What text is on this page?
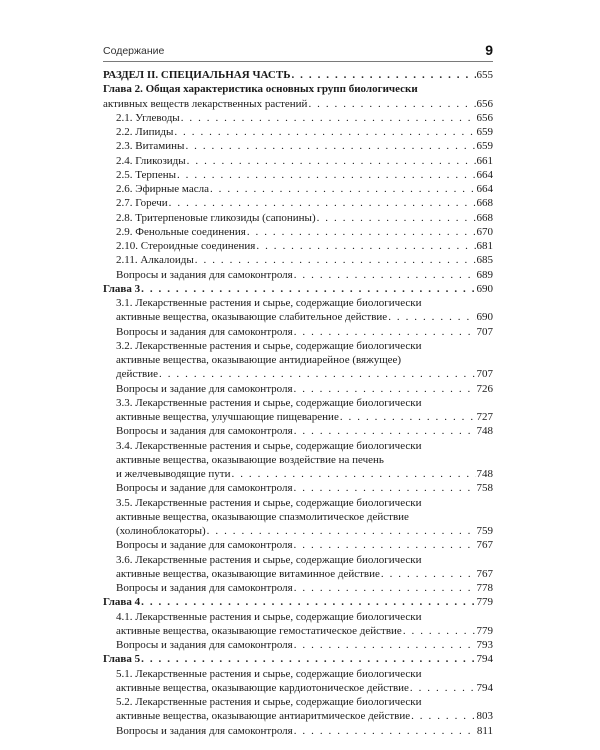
Содержание	9
РАЗДЕЛ II. СПЕЦИАЛЬНАЯ ЧАСТЬ . . .	655
Глава 2. Общая характеристика основных групп биологически
активных веществ лекарственных растений . . .	656
2.1. Углеводы . . .	656
2.2. Липиды . . .	659
2.3. Витамины . . .	659
2.4. Гликозиды . . .	661
2.5. Терпены . . .	664
2.6. Эфирные масла . . .	664
2.7. Горечи . . .	668
2.8. Тритерпеновые гликозиды (сапонины) . . .	668
2.9. Фенольные соединения . . .	670
2.10. Стероидные соединения . . .	681
2.11. Алкалоиды . . .	685
Вопросы и задания для самоконтроля . . .	689
Глава 3 . . .	690
3.1. Лекарственные растения и сырье, содержащие биологически
активные вещества, оказывающие слабительное действие . . .	690
Вопросы и задания для самоконтроля . . .	707
3.2. Лекарственные растения и сырье, содержащие биологически
активные вещества, оказывающие антидиарейное (вяжущее)
действие . . .	707
Вопросы и задание для самоконтроля . . .	726
3.3. Лекарственные растения и сырье, содержащие биологически
активные вещества, улучшающие пищеварение . . .	727
Вопросы и задания для самоконтроля . . .	748
3.4. Лекарственные растения и сырье, содержащие биологически
активные вещества, оказывающие воздействие на печень
и желчевыводящие пути . . .	748
Вопросы и задание для самоконтроля . . .	758
3.5. Лекарственные растения и сырье, содержащие биологически
активные вещества, оказывающие спазмолитическое действие
(холиноблокаторы) . . .	759
Вопросы и задание для самоконтроля . . .	767
3.6. Лекарственные растения и сырье, содержащие биологически
активные вещества, оказывающие витаминное действие . . .	767
Вопросы и задания для самоконтроля . . .	778
Глава 4 . . .	779
4.1. Лекарственные растения и сырье, содержащие биологически
активные вещества, оказывающие гемостатическое действие . . .	779
Вопросы и задания для самоконтроля . . .	793
Глава 5 . . .	794
5.1. Лекарственные растения и сырье, содержащие биологически
активные вещества, оказывающие кардиотоническое действие . . .	794
5.2. Лекарственные растения и сырье, содержащие биологически
активные вещества, оказывающие антиаритмическое действие . . .	803
Вопросы и задания для самоконтроля . . .	811
